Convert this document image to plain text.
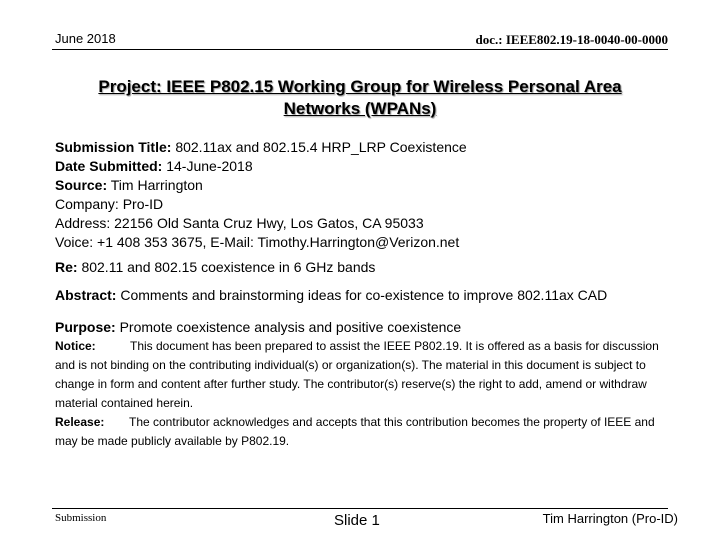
June 2018	doc.: IEEE802.19-18-0040-00-0000
Project: IEEE P802.15 Working Group for Wireless Personal Area Networks (WPANs)

Submission Title: 802.11ax and 802.15.4 HRP_LRP Coexistence

Date Submitted: 14-June-2018

Source: Tim Harrington

Company: Pro-ID

Address: 22156 Old Santa Cruz Hwy, Los Gatos, CA 95033

Voice: +1 408 353 3675, E-Mail: Timothy.Harrington@Verizon.net

Re: 802.11 and 802.15 coexistence in 6 GHz bands

Abstract: Comments and brainstorming ideas for co-existence to improve 802.11ax CAD

Purpose: Promote coexistence analysis and positive coexistence

Notice:	This document has been prepared to assist the IEEE P802.19. It is offered as a basis for discussion and is not binding on the contributing individual(s) or organization(s). The material in this document is subject to change in form and content after further study. The contributor(s) reserve(s) the right to add, amend or withdraw material contained herein.

Release: The contributor acknowledges and accepts that this contribution becomes the property of IEEE and may be made publicly available by P802.19.

Submission	Slide 1	Tim Harrington (Pro-ID)
